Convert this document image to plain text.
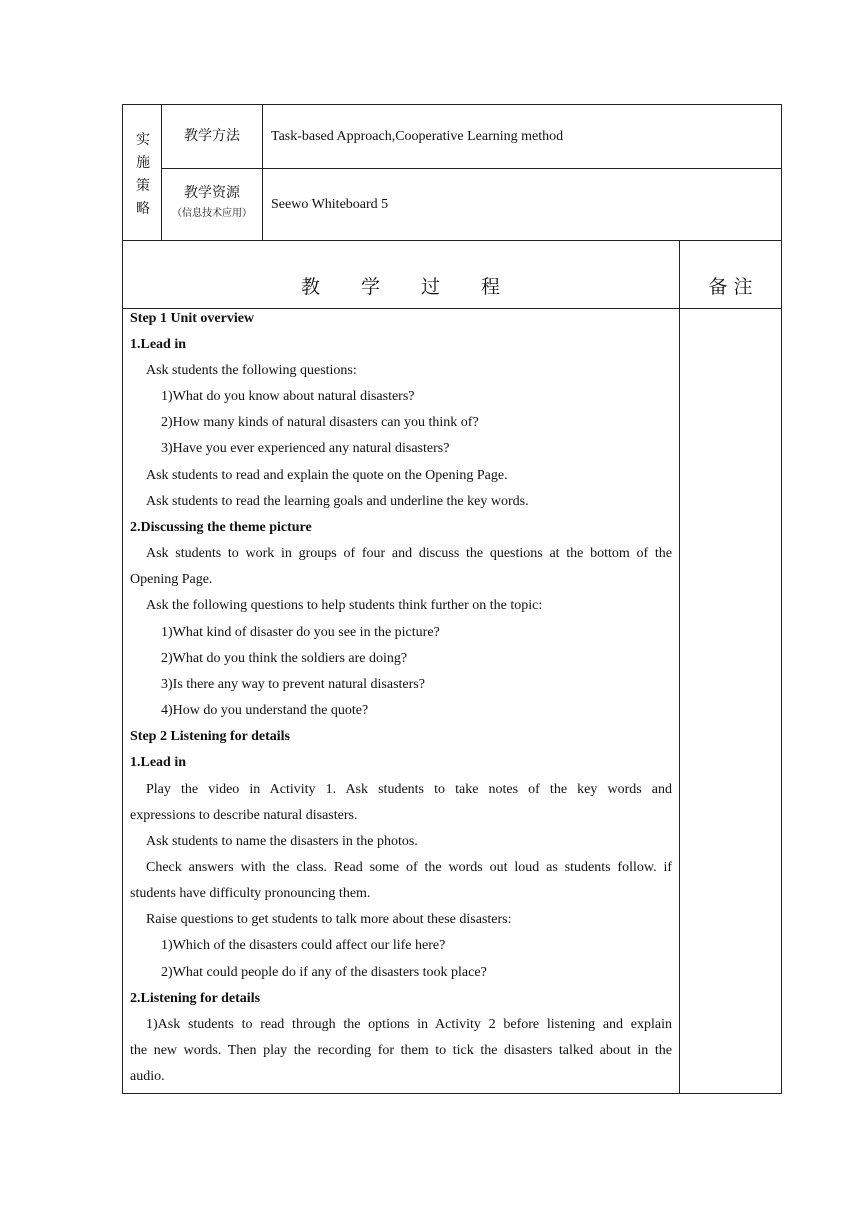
实
施
策
略
教学方法	Task-based Approach,Cooperative Learning method
教学资源
（信息技术应用）
Seewo Whiteboard 5
教 学 过 程	备 注
Step 1 Unit overview
1.Lead in
Ask students the following questions:
1)What do you know about natural disasters?
2)How many kinds of natural disasters can you think of?
3)Have you ever experienced any natural disasters?
Ask students to read and explain the quote on the Opening Page.
Ask students to read the learning goals and underline the key words.
2.Discussing the theme picture
Ask students to work in groups of four and discuss the questions at the bottom of the
Opening Page.
Ask the following questions to help students think further on the topic:
1)What kind of disaster do you see in the picture?
2)What do you think the soldiers are doing?
3)Is there any way to prevent natural disasters?
4)How do you understand the quote?
Step 2 Listening for details
1.Lead in
Play the video in Activity 1. Ask students to take notes of the key words and
expressions to describe natural disasters.
Ask students to name the disasters in the photos.
Check answers with the class. Read some of the words out loud as students follow. if
students have difficulty pronouncing them.
Raise questions to get students to talk more about these disasters:
1)Which of the disasters could affect our life here?
2)What could people do if any of the disasters took place?
2.Listening for details
1)Ask students to read through the options in Activity 2 before listening and explain
the new words. Then play the recording for them to tick the disasters talked about in the
audio.
